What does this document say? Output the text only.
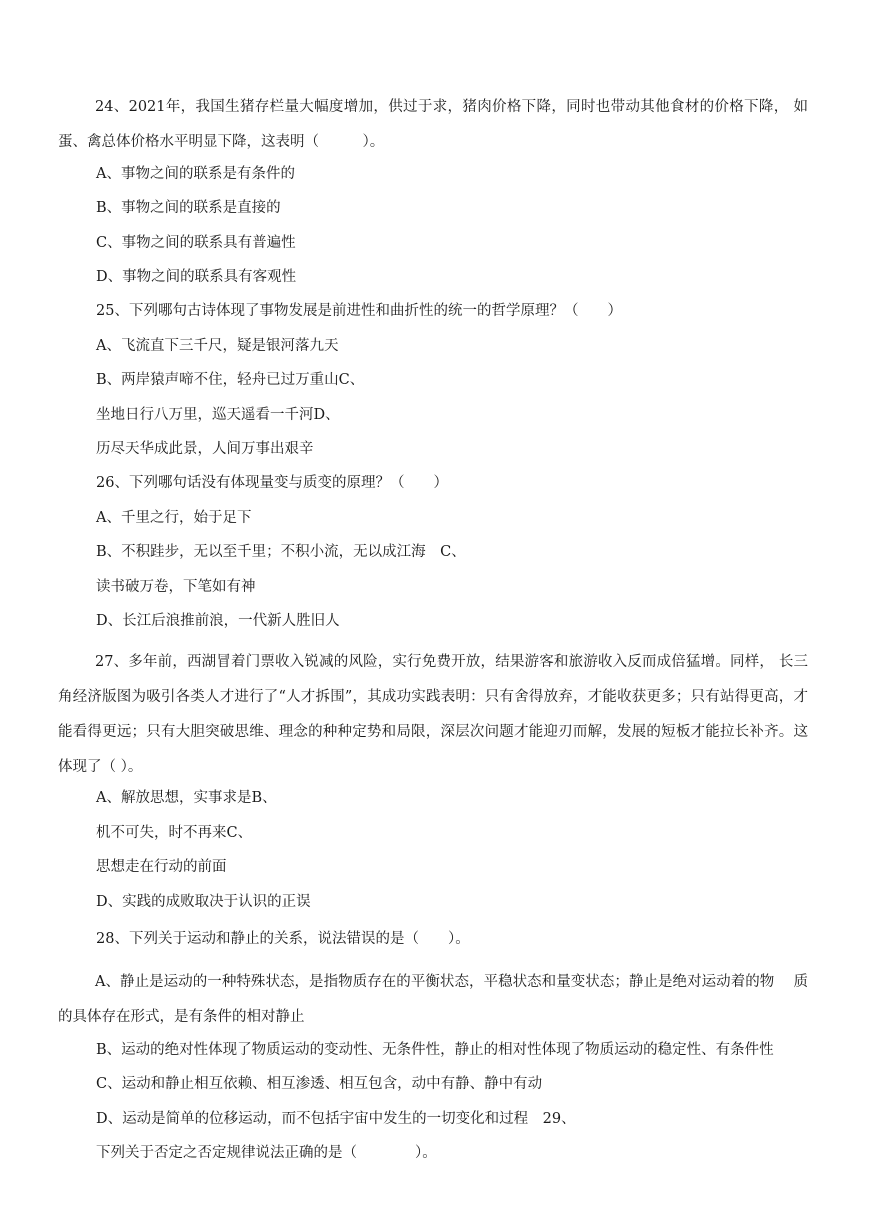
24、2021年，我国生猪存栏量大幅度增加，供过于求，猪肉价格下降，同时也带动其他食材的价格下降， 如蛋、禽总体价格水平明显下降，这表明（　　　）。

A、事物之间的联系是有条件的
B、事物之间的联系是直接的
C、事物之间的联系具有普遍性
D、事物之间的联系具有客观性
25、下列哪句古诗体现了事物发展是前进性和曲折性的统一的哲学原理？（　　）
A、飞流直下三千尺，疑是银河落九天
B、两岸猿声啼不住，轻舟已过万重山C、
坐地日行八万里，巡天遥看一千河D、
历尽天华成此景，人间万事出艰辛
26、下列哪句话没有体现量变与质变的原理？（　　）
A、千里之行，始于足下
B、不积跬步，无以至千里；不积小流，无以成江海　C、
读书破万卷，下笔如有神
D、长江后浪推前浪，一代新人胜旧人

27、多年前，西湖冒着门票收入锐减的风险，实行免费开放，结果游客和旅游收入反而成倍猛增。同样， 长三角经济版图为吸引各类人才进行了“人才拆围”，其成功实践表明：只有舍得放弃，才能收获更多；只有站得更高，才能看得更远；只有大胆突破思维、理念的种种定势和局限，深层次问题才能迎刃而解，发展的短板才能拉长补齐。这体现了（ ）。

A、解放思想，实事求是B、
机不可失，时不再来C、
思想走在行动的前面
D、实践的成败取决于认识的正误
28、下列关于运动和静止的关系，说法错误的是（　　）。

A、静止是运动的一种特殊状态，是指物质存在的平衡状态，平稳状态和量变状态；静止是绝对运动着的物　 质的具体存在形式，是有条件的相对静止

B、运动的绝对性体现了物质运动的变动性、无条件性，静止的相对性体现了物质运动的稳定性、有条件性
C、运动和静止相互依赖、相互渗透、相互包含，动中有静、静中有动
D、运动是简单的位移运动，而不包括宇宙中发生的一切变化和过程　29、
下列关于否定之否定规律说法正确的是（　　　　）。
